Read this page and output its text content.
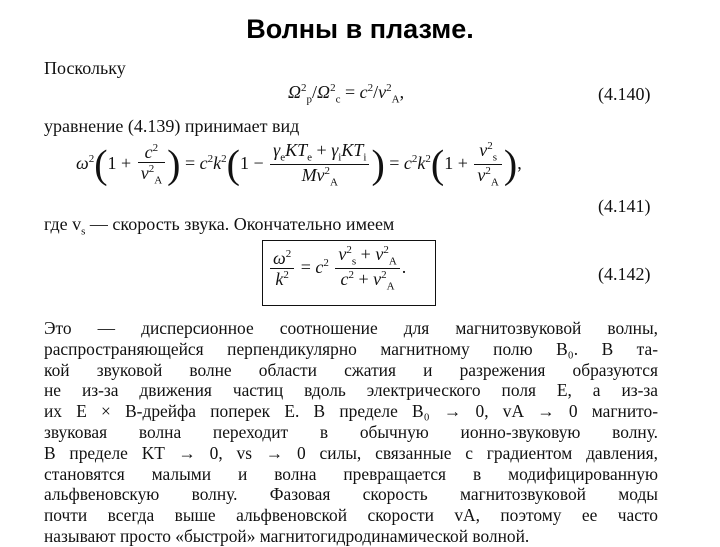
Волны в плазме.
Поскольку
$\Omega^2_p/\Omega^2_c = c^2/v^2_A$,	(4.140)
уравнение (4.139) принимает вид
$\omega^2(1 + \frac{c^2}{v^2_A}$ ) = $c^2k^2(1 - \frac{\gamma_eKT_e + \gamma_iKT_i}{Mv^2_A}$ ) = $c^2k^2(1 + \frac{v^2_s}{v^2_A}$ ),
(4.141)
где $v_s$ — скорость звука. Окончательно имеем
$\frac{\omega^2}{k^2} = c^2 \frac{v^2_s + v^2_A}{c^2 + v^2_A}$ .	(4.142)
Это — дисперсионное соотношение для магнитозвуковой волны,
распространяющейся перпендикулярно магнитному полю B₀. В та-
кой звуковой волне области сжатия и разрежения образуются
не из-за движения частиц вдоль электрического поля E, а из-за
их E × B-дрейфа поперек E. В пределе B₀ → 0, vA → 0 магнито-
звуковая волна переходит в обычную ионно-звуковую волну.
В пределе KT → 0, vs → 0 силы, связанные с градиентом давления,
становятся малыми и волна превращается в модифицированную
альфвеновскую волну. Фазовая скорость магнитозвуковой моды
почти всегда выше альфвеновской скорости vA, поэтому ее часто
называют просто «быстрой» магнитогидродинамической волной.
